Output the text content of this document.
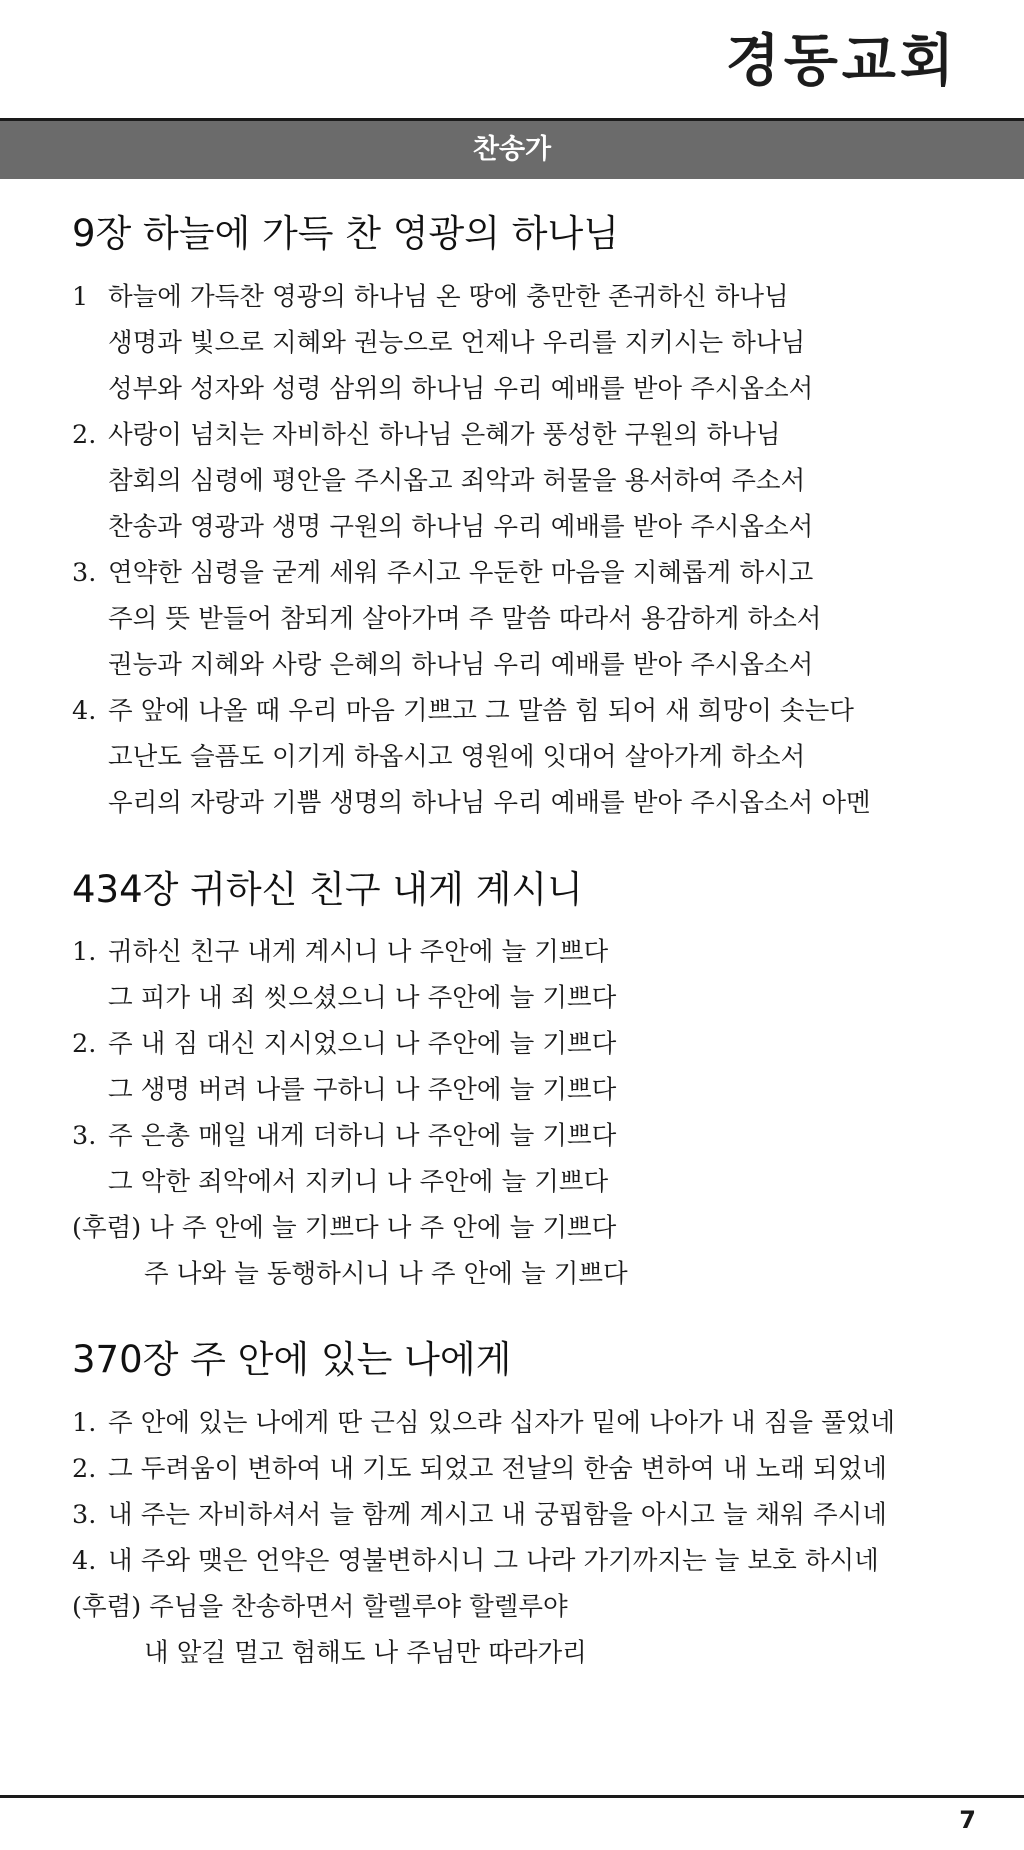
경동교회
찬송가
9장 하늘에 가득 찬 영광의 하나님
1 하늘에 가득찬 영광의 하나님 온 땅에 충만한 존귀하신 하나님
생명과 빛으로 지혜와 권능으로 언제나 우리를 지키시는 하나님
성부와 성자와 성령 삼위의 하나님 우리 예배를 받아 주시옵소서
2. 사랑이 넘치는 자비하신 하나님 은혜가 풍성한 구원의 하나님
참회의 심령에 평안을 주시옵고 죄악과 허물을 용서하여 주소서
찬송과 영광과 생명 구원의 하나님 우리 예배를 받아 주시옵소서
3. 연약한 심령을 굳게 세워 주시고 우둔한 마음을 지혜롭게 하시고
주의 뜻 받들어 참되게 살아가며 주 말씀 따라서 용감하게 하소서
권능과 지혜와 사랑 은혜의 하나님 우리 예배를 받아 주시옵소서
4. 주 앞에 나올 때 우리 마음 기쁘고 그 말씀 힘 되어 새 희망이 솟는다
고난도 슬픔도 이기게 하옵시고 영원에 잇대어 살아가게 하소서
우리의 자랑과 기쁨 생명의 하나님 우리 예배를 받아 주시옵소서 아멘
434장 귀하신 친구 내게 계시니
1. 귀하신 친구 내게 계시니 나 주안에 늘 기쁘다
그 피가 내 죄 씻으셨으니 나 주안에 늘 기쁘다
2. 주 내 짐 대신 지시었으니 나 주안에 늘 기쁘다
그 생명 버려 나를 구하니 나 주안에 늘 기쁘다
3. 주 은총 매일 내게 더하니 나 주안에 늘 기쁘다
그 악한 죄악에서 지키니 나 주안에 늘 기쁘다
(후렴) 나 주 안에 늘 기쁘다 나 주 안에 늘 기쁘다
주 나와 늘 동행하시니 나 주 안에 늘 기쁘다
370장 주 안에 있는 나에게
1. 주 안에 있는 나에게 딴 근심 있으랴 십자가 밑에 나아가 내 짐을 풀었네
2. 그 두려움이 변하여 내 기도 되었고 전날의 한숨 변하여 내 노래 되었네
3. 내 주는 자비하셔서 늘 함께 계시고 내 궁핍함을 아시고 늘 채워 주시네
4. 내 주와 맺은 언약은 영불변하시니 그 나라 가기까지는 늘 보호 하시네
(후렴) 주님을 찬송하면서 할렐루야 할렐루야
내 앞길 멀고 험해도 나 주님만 따라가리
7
